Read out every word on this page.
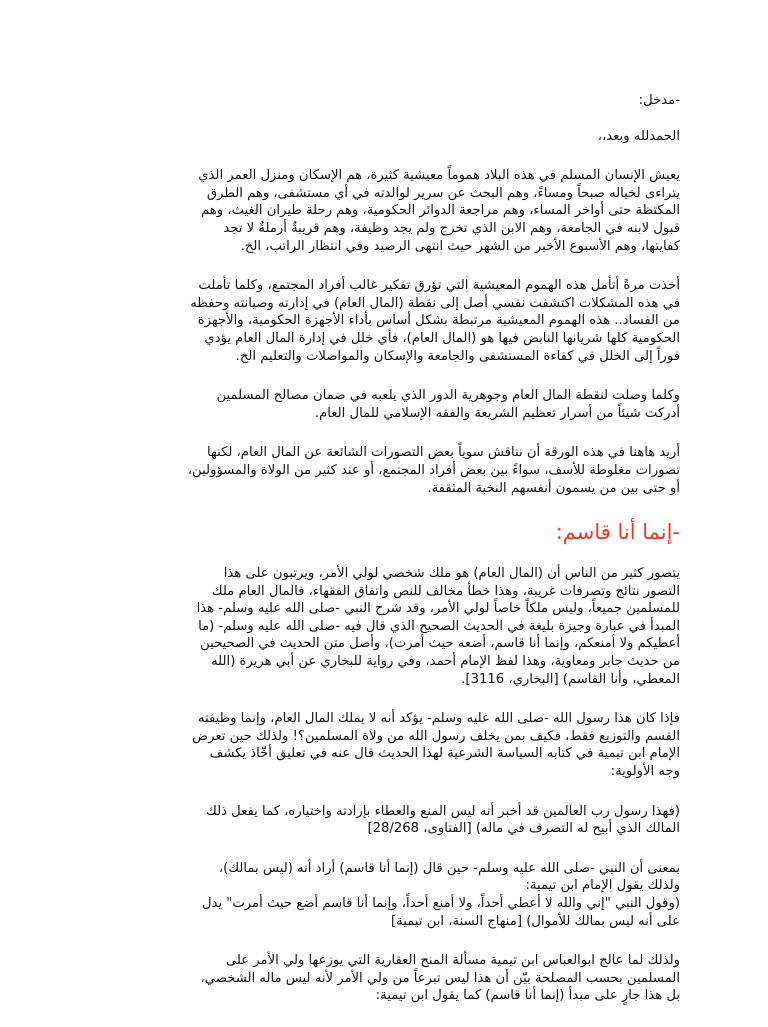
-مدخل:
الحمدلله وبعد،،
يعيش الإنسان المسلم في هذه البلاد هموماً معيشية كثيرة، هم الإسكان ومنزل العمر الذي
يتراءى لخياله صبحاً ومساءً، وهم البحث عن سرير لوالدته في أي مستشفى، وهم الطرق
المكتظة حتى أواخر المساء، وهم مراجعة الدوائر الحكومية، وهم رحلة طيران الغيث، وهم
قبول لابنه في الجامعة، وهم الابن الذي تخرج ولم يجد وظيفة، وهم قريبةٌ أرملةٌ لا تجد
كفايتها، وهم الأسبوع الأخير من الشهر حيث انتهى الرصيد وفي انتظار الراتب، الخ.
أخذت مرةً أتأمل هذه الهموم المعيشية التي تؤرق تفكير غالب أفراد المجتمع، وكلما تأملت
في هذه المشكلات اكتشفت نفسي أصل إلى نقطة (المال العام) في إدارته وصيانته وحفظه
من الفساد.. هذه الهموم المعيشية مرتبطة بشكل أساس بأداء الأجهزة الحكومية، والأجهزة
الحكومية كلها شريانها النابض فيها هو (المال العام)، فأي خلل في إدارة المال العام يؤدي
فوراً إلى الخلل في كفاءة المستشفى والجامعة والإسكان والمواصلات والتعليم الخ.
وكلما وصلت لنقطة المال العام وجوهرية الدور الذي يلعبه في ضمان مصالح المسلمين
أدركت شيئاً من أسرار تعظيم الشريعة والفقه الإسلامي للمال العام.
أريد هاهنا في هذه الورقة أن نناقش سوياً بعض التصورات الشائعة عن المال العام، لكنها
تصورات مغلوطة للأسف، سواءً بين بعض أفراد المجتمع، أو عند كثير من الولاة والمسؤولين،
أو حتى بين من يسمون أنفسهم النخبة المثقفة.
-إنما أنا قاسم:
يتصور كثير من الناس أن (المال العام) هو ملك شخصي لولي الأمر، ويرتبون على هذا
التصور نتائج وتصرفات غريبة، وهذا خطأ مخالف للنص واتفاق الفقهاء، فالمال العام ملك
للمسلمين جميعاً، وليس ملكاً خاصاً لولي الأمر، وقد شرح النبي -صلى الله عليه وسلم- هذا
المبدأ في عبارة وجيزة بليغة في الحديث الصحيح الذي قال فيه -صلى الله عليه وسلم- (ما
أعطيكم ولا أمنعكم، وإنما أنا قاسم، أضعه حيث أمرت)، وأصل متن الحديث في الصحيحين
من حديث جابر ومعاوية، وهذا لفظ الإمام أحمد، وفي رواية للبخاري عن أبي هريرة (الله
المعطي، وأنا القاسم) [البخاري، 3116].
فإذا كان هذا رسول الله -صلى الله عليه وسلم- يؤكد أنه لا يملك المال العام، وإنما وظيفته
القسم والتوزيع فقط، فكيف بمن يخلف رسول الله من ولاة المسلمين؟! ولذلك حين تعرض
الإمام ابن تيمية في كتابه السياسة الشرعية لهذا الحديث قال عنه في تعليق أخّاذ يكشف
وجه الأولوية:
(فهذا رسول رب العالمين قد أخبر أنه ليس المنع والعطاء بإرادته واختياره، كما يفعل ذلك
المالك الذي أبيح له التصرف في ماله) [الفتاوى، 28/268]
بمعنى أن النبي -صلى الله عليه وسلم- حين قال (إنما أنا قاسم) أراد أنه (ليس بمالك)،
ولذلك يقول الإمام ابن تيمية:
(وقول النبي "إني والله لا أعطي أحداً، ولا أمنع أحداً، وإنما أنا قاسم أضع حيث أمرت" يدل
على أنه ليس بمالك للأموال) [منهاج السنة، ابن تيمية]
ولذلك لما عالج ابوالعباس ابن تيمية مسألة المنح العقارية التي يوزعها ولي الأمر على
المسلمين بحسب المصلحة بيّن أن هذا ليس تبرعاً من ولي الأمر لأنه ليس ماله الشخصي،
بل هذا جارٍ على مبدأ (إنما أنا قاسم) كما يقول ابن تيمية:
